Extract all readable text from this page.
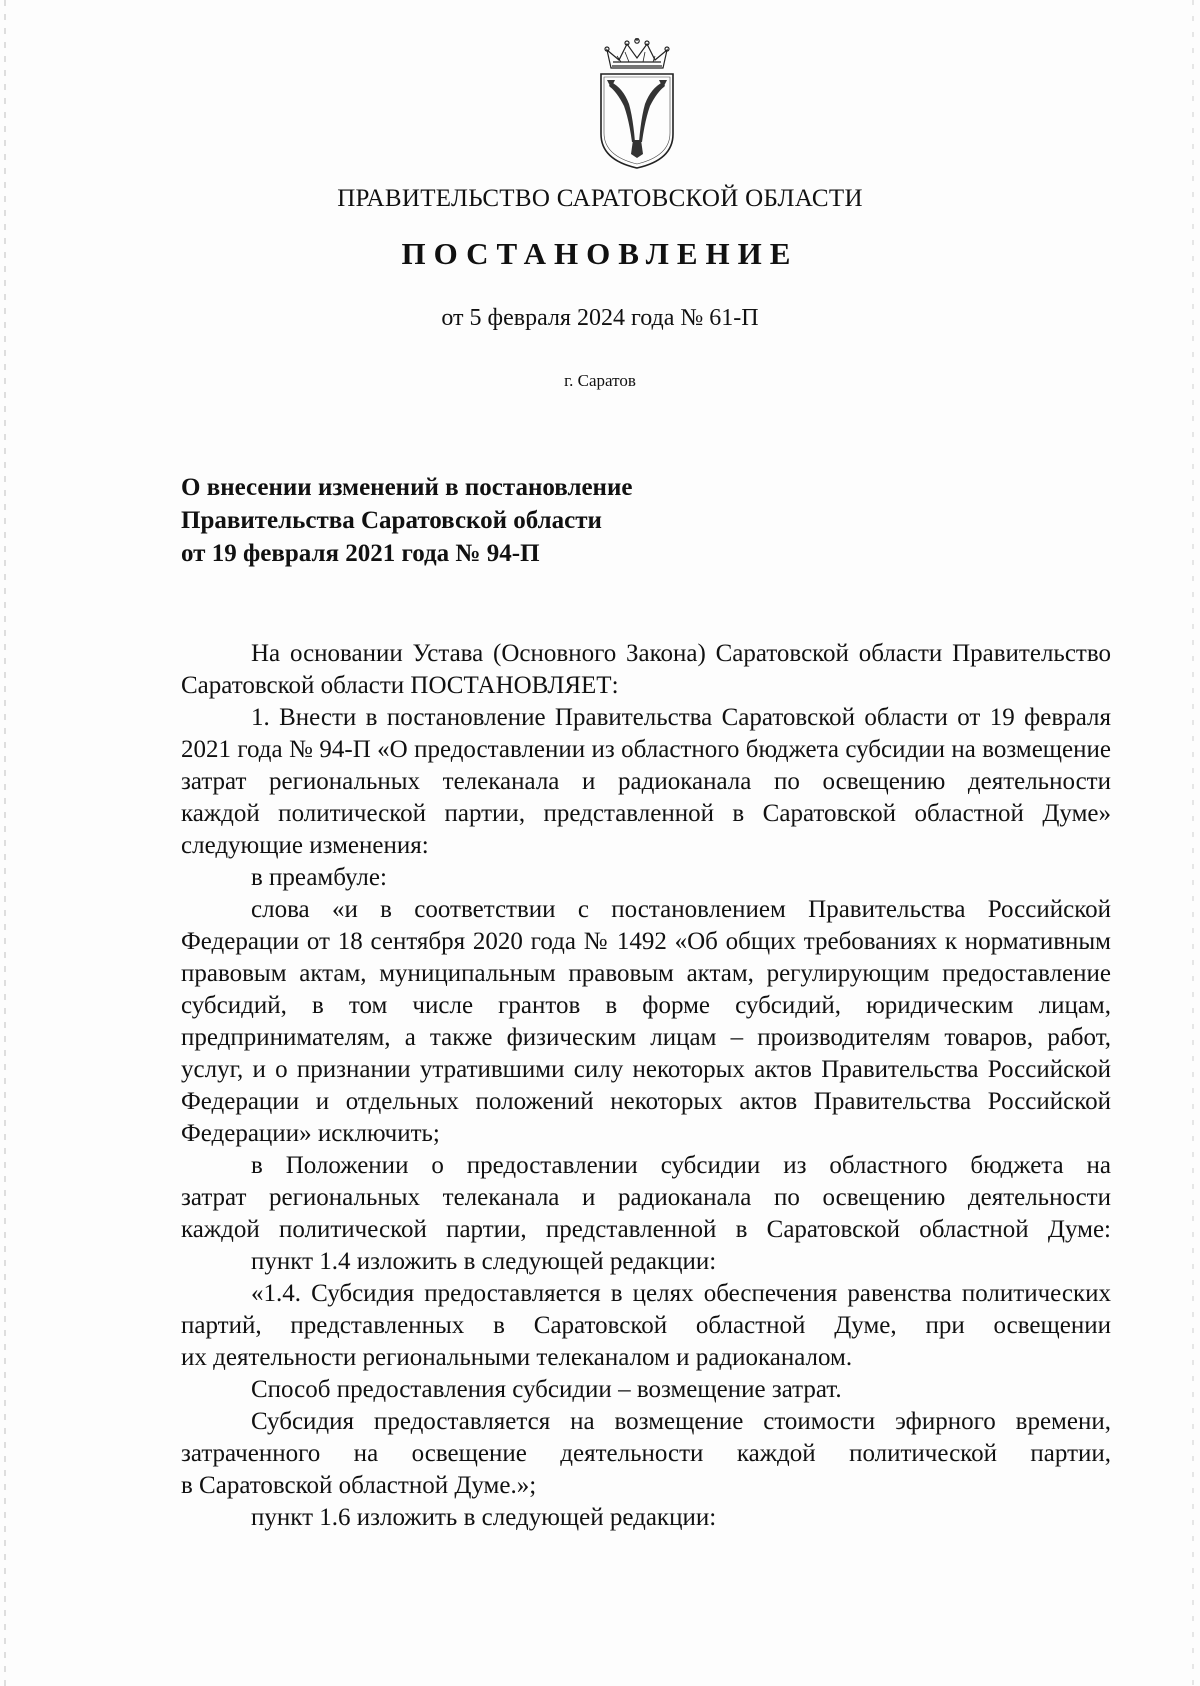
ПРАВИТЕЛЬСТВО САРАТОВСКОЙ ОБЛАСТИ
ПОСТАНОВЛЕНИЕ
от 5 февраля 2024 года № 61-П
г. Саратов
О внесении изменений в постановление
Правительства Саратовской области
от 19 февраля 2021 года № 94-П
На основании Устава (Основного Закона) Саратовской области Правительство
Саратовской области ПОСТАНОВЛЯЕТ:
1. Внести в постановление Правительства Саратовской области от 19 февраля
2021 года № 94-П «О предоставлении из областного бюджета субсидии на возмещение
затрат региональных телеканала и радиоканала по освещению деятельности
каждой политической партии, представленной в Саратовской областной Думе»
следующие изменения:
в преамбуле:
слова «и в соответствии с постановлением Правительства Российской
Федерации от 18 сентября 2020 года № 1492 «Об общих требованиях к нормативным
правовым актам, муниципальным правовым актам, регулирующим предоставление
субсидий, в том числе грантов в форме субсидий, юридическим лицам,
предпринимателям, а также физическим лицам – производителям товаров, работ,
услуг, и о признании утратившими силу некоторых актов Правительства Российской
Федерации и отдельных положений некоторых актов Правительства Российской
Федерации» исключить;
в Положении о предоставлении субсидии из областного бюджета на
затрат региональных телеканала и радиоканала по освещению деятельности
каждой политической партии, представленной в Саратовской областной Думе:
пункт 1.4 изложить в следующей редакции:
«1.4. Субсидия предоставляется в целях обеспечения равенства политических
партий, представленных в Саратовской областной Думе, при освещении
их деятельности региональными телеканалом и радиоканалом.
Способ предоставления субсидии – возмещение затрат.
Субсидия предоставляется на возмещение стоимости эфирного времени,
затраченного на освещение деятельности каждой политической партии,
в Саратовской областной Думе.»;
пункт 1.6 изложить в следующей редакции:
